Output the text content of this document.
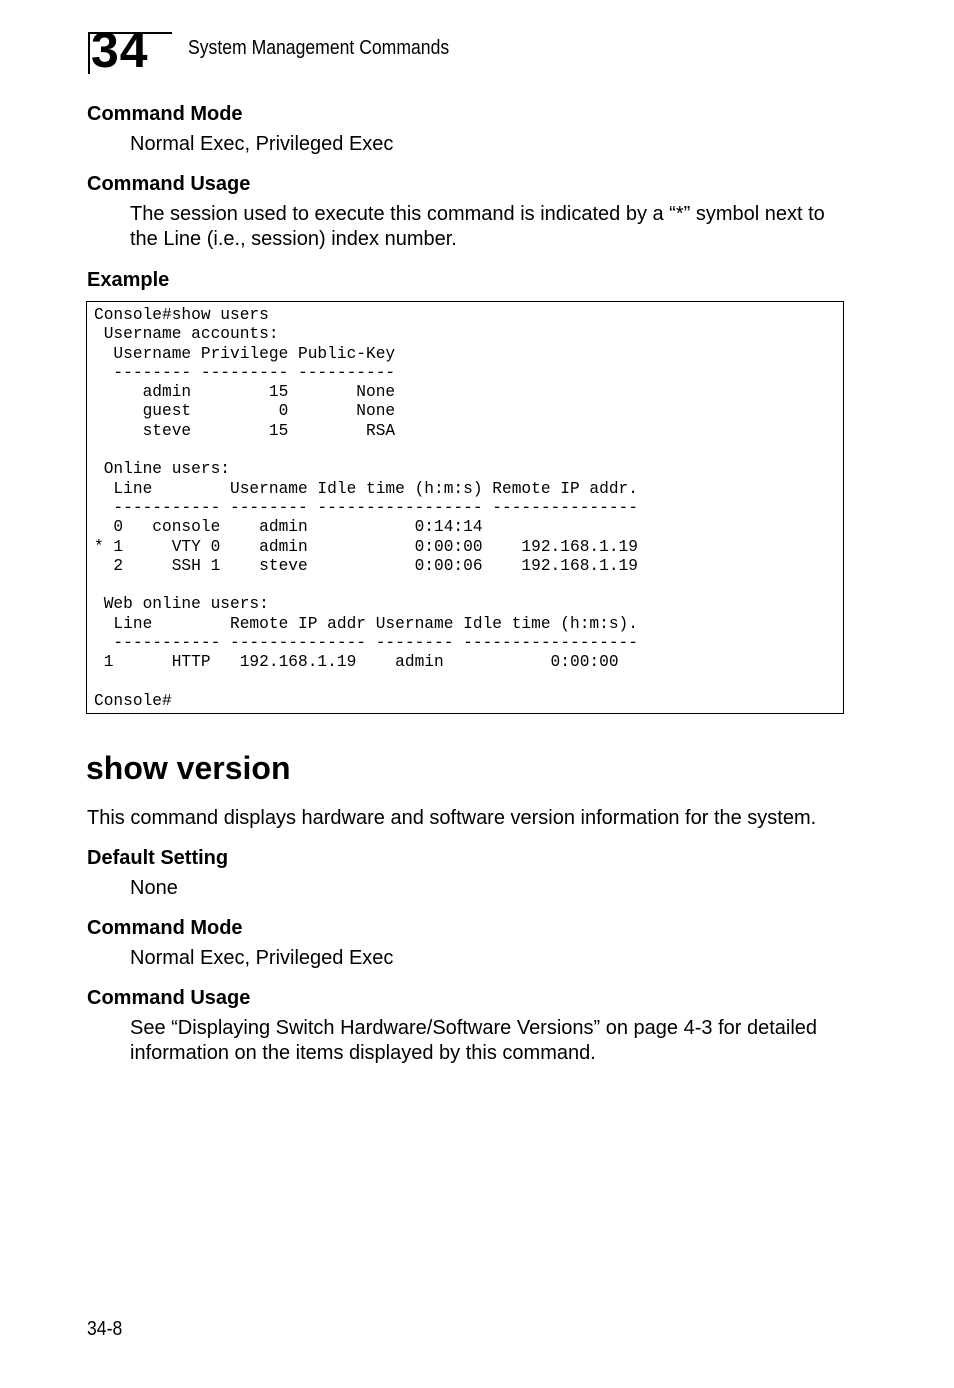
34 System Management Commands
Command Mode
Normal Exec, Privileged Exec
Command Usage
The session used to execute this command is indicated by a “*” symbol next to the Line (i.e., session) index number.
Example
Console#show users
Username accounts:
Username Privilege Public-Key
-------- --------- ----------
admin        15       None
guest         0       None
steve        15        RSA

Online users:
Line        Username Idle time (h:m:s) Remote IP addr.
----------- -------- ----------------- ---------------
0   console    admin           0:14:14
* 1     VTY 0    admin           0:00:00    192.168.1.19
2     SSH 1    steve           0:00:06    192.168.1.19

Web online users:
Line        Remote IP addr Username Idle time (h:m:s).
----------- -------------- -------- ------------------
1      HTTP   192.168.1.19    admin           0:00:00

Console#
show version
This command displays hardware and software version information for the system.
Default Setting
None
Command Mode
Normal Exec, Privileged Exec
Command Usage
See “Displaying Switch Hardware/Software Versions” on page 4-3 for detailed information on the items displayed by this command.
34-8
